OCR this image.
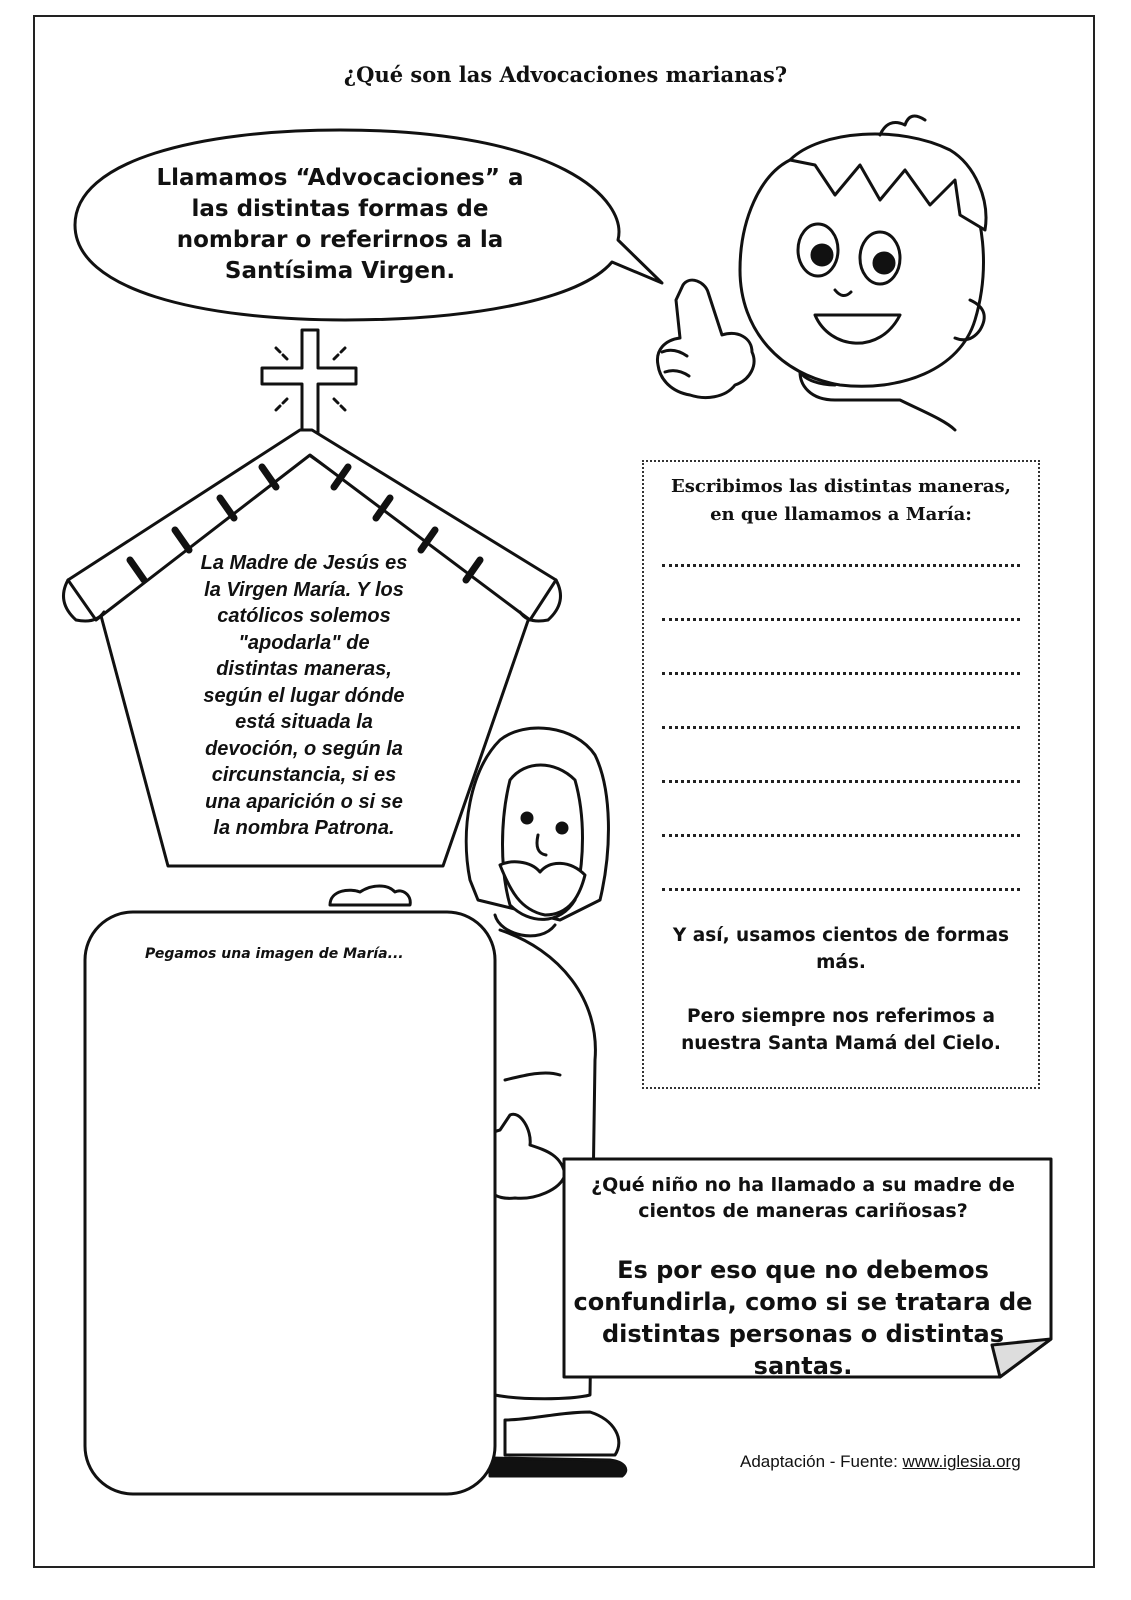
¿Qué son las Advocaciones marianas?
Llamamos “Advocaciones” a
las distintas formas de
nombrar o referirnos a la
Santísima Virgen.
La Madre de Jesús es
la Virgen María. Y los
católicos solemos
"apodarla" de
distintas maneras,
según el lugar dónde
está situada la
devoción, o según la
circunstancia, si es
una aparición o si se
la nombra Patrona.
Pegamos una imagen de María...
Escribimos las distintas maneras,
en que llamamos a María:

Y así, usamos cientos de formas
más.

Pero siempre nos referimos a
nuestra Santa Mamá del Cielo.

¿Qué niño no ha llamado a su madre de
cientos de maneras cariñosas?
Es por eso que no debemos
confundirla, como si se tratara de
distintas personas o distintas santas.
Adaptación - Fuente: www.iglesia.org
